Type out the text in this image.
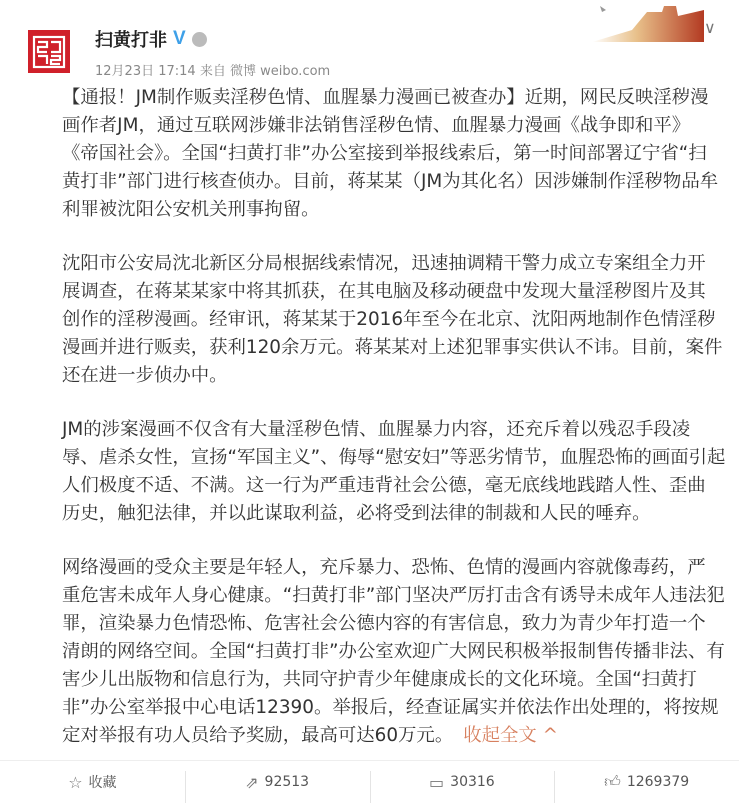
扫黄打非 V
12月23日 17:14 来自 微博 weibo.com
∨
【通报！JM制作贩卖淫秽色情、血腥暴力漫画已被查办】近期，网民反映淫秽漫
画作者JM，通过互联网涉嫌非法销售淫秽色情、血腥暴力漫画《战争即和平》
《帝国社会》。全国“扫黄打非”办公室接到举报线索后，第一时间部署辽宁省“扫
黄打非”部门进行核查侦办。目前，蒋某某（JM为其化名）因涉嫌制作淫秽物品牟
利罪被沈阳公安机关刑事拘留。
沈阳市公安局沈北新区分局根据线索情况，迅速抽调精干警力成立专案组全力开
展调查，在蒋某某家中将其抓获，在其电脑及移动硬盘中发现大量淫秽图片及其
创作的淫秽漫画。经审讯，蒋某某于2016年至今在北京、沈阳两地制作色情淫秽
漫画并进行贩卖，获利120余万元。蒋某某对上述犯罪事实供认不讳。目前，案件
还在进一步侦办中。
JM的涉案漫画不仅含有大量淫秽色情、血腥暴力内容，还充斥着以残忍手段凌
辱、虐杀女性，宣扬“军国主义”、侮辱“慰安妇”等恶劣情节，血腥恐怖的画面引起
人们极度不适、不满。这一行为严重违背社会公德，毫无底线地践踏人性、歪曲
历史，触犯法律，并以此谋取利益，必将受到法律的制裁和人民的唾弃。
网络漫画的受众主要是年轻人，充斥暴力、恐怖、色情的漫画内容就像毒药，严
重危害未成年人身心健康。“扫黄打非”部门坚决严厉打击含有诱导未成年人违法犯
罪，渲染暴力色情恐怖、危害社会公德内容的有害信息，致力为青少年打造一个
清朗的网络空间。全国“扫黄打非”办公室欢迎广大网民积极举报制售传播非法、有
害少儿出版物和信息行为，共同守护青少年健康成长的文化环境。全国“扫黄打
非”办公室举报中心电话12390。举报后，经查证属实并依法作出处理的，将按规
定对举报有功人员给予奖励，最高可达60万元。 收起全文 ^
☆ 收藏	⇗ 92513	▭ 30316	👍︎ 1269379
